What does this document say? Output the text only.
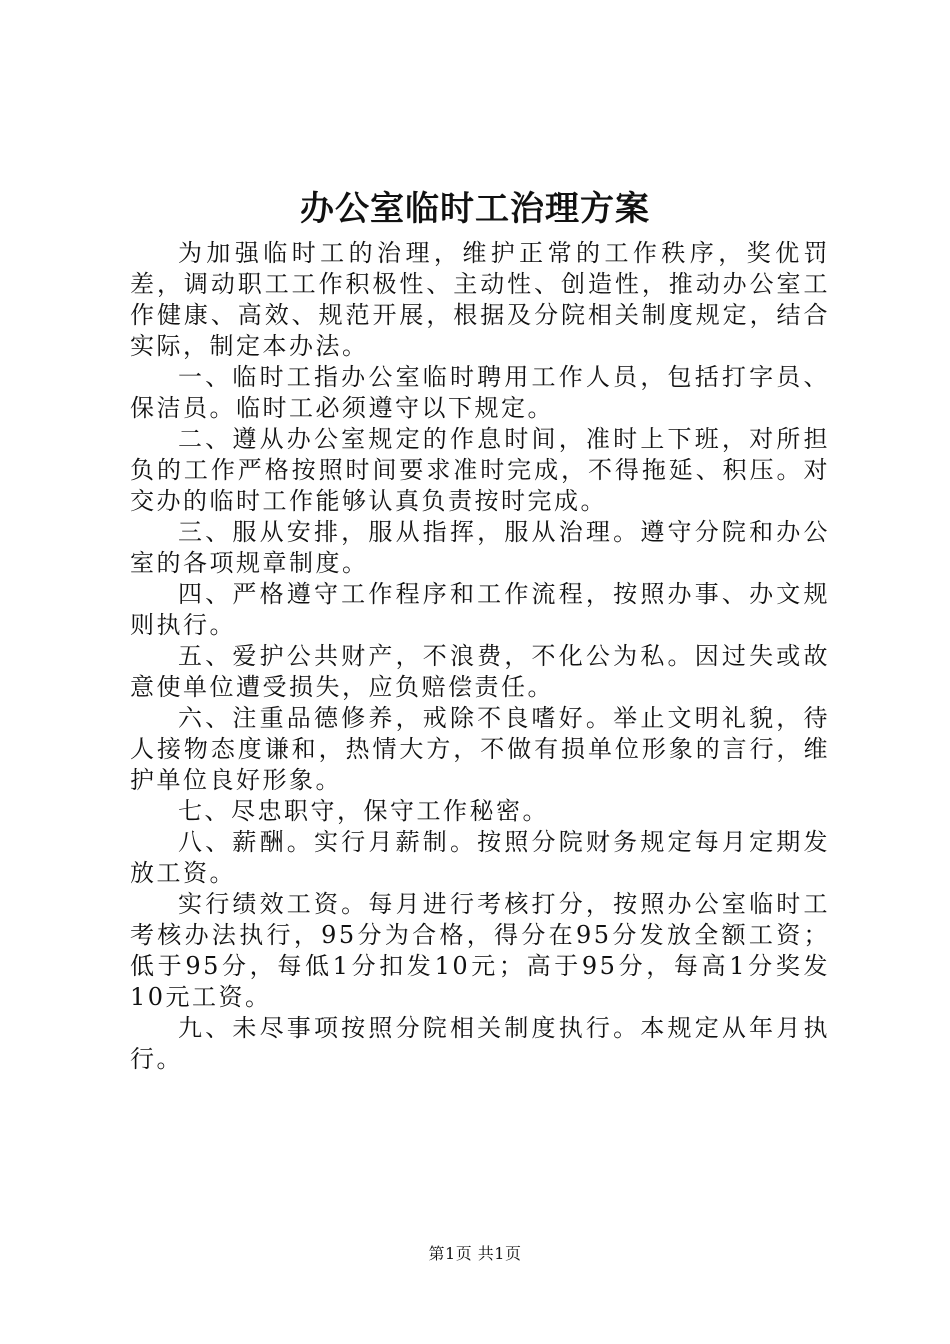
办公室临时工治理方案

为加强临时工的治理，维护正常的工作秩序，奖优罚差，调动职工工作积极性、主动性、创造性，推动办公室工作健康、高效、规范开展，根据及分院相关制度规定，结合实际，制定本办法。

一、临时工指办公室临时聘用工作人员，包括打字员、保洁员。临时工必须遵守以下规定。

二、遵从办公室规定的作息时间，准时上下班，对所担负的工作严格按照时间要求准时完成，不得拖延、积压。对交办的临时工作能够认真负责按时完成。

三、服从安排，服从指挥，服从治理。遵守分院和办公室的各项规章制度。

四、严格遵守工作程序和工作流程，按照办事、办文规则执行。

五、爱护公共财产，不浪费，不化公为私。因过失或故意使单位遭受损失，应负赔偿责任。

六、注重品德修养，戒除不良嗜好。举止文明礼貌，待人接物态度谦和，热情大方，不做有损单位形象的言行，维护单位良好形象。

七、尽忠职守，保守工作秘密。

八、薪酬。实行月薪制。按照分院财务规定每月定期发放工资。

实行绩效工资。每月进行考核打分，按照办公室临时工考核办法执行，95分为合格，得分在95分发放全额工资；低于95分，每低1分扣发10元；高于95分，每高1分奖发10元工资。

九、未尽事项按照分院相关制度执行。本规定从年月执行。

第1页 共1页
